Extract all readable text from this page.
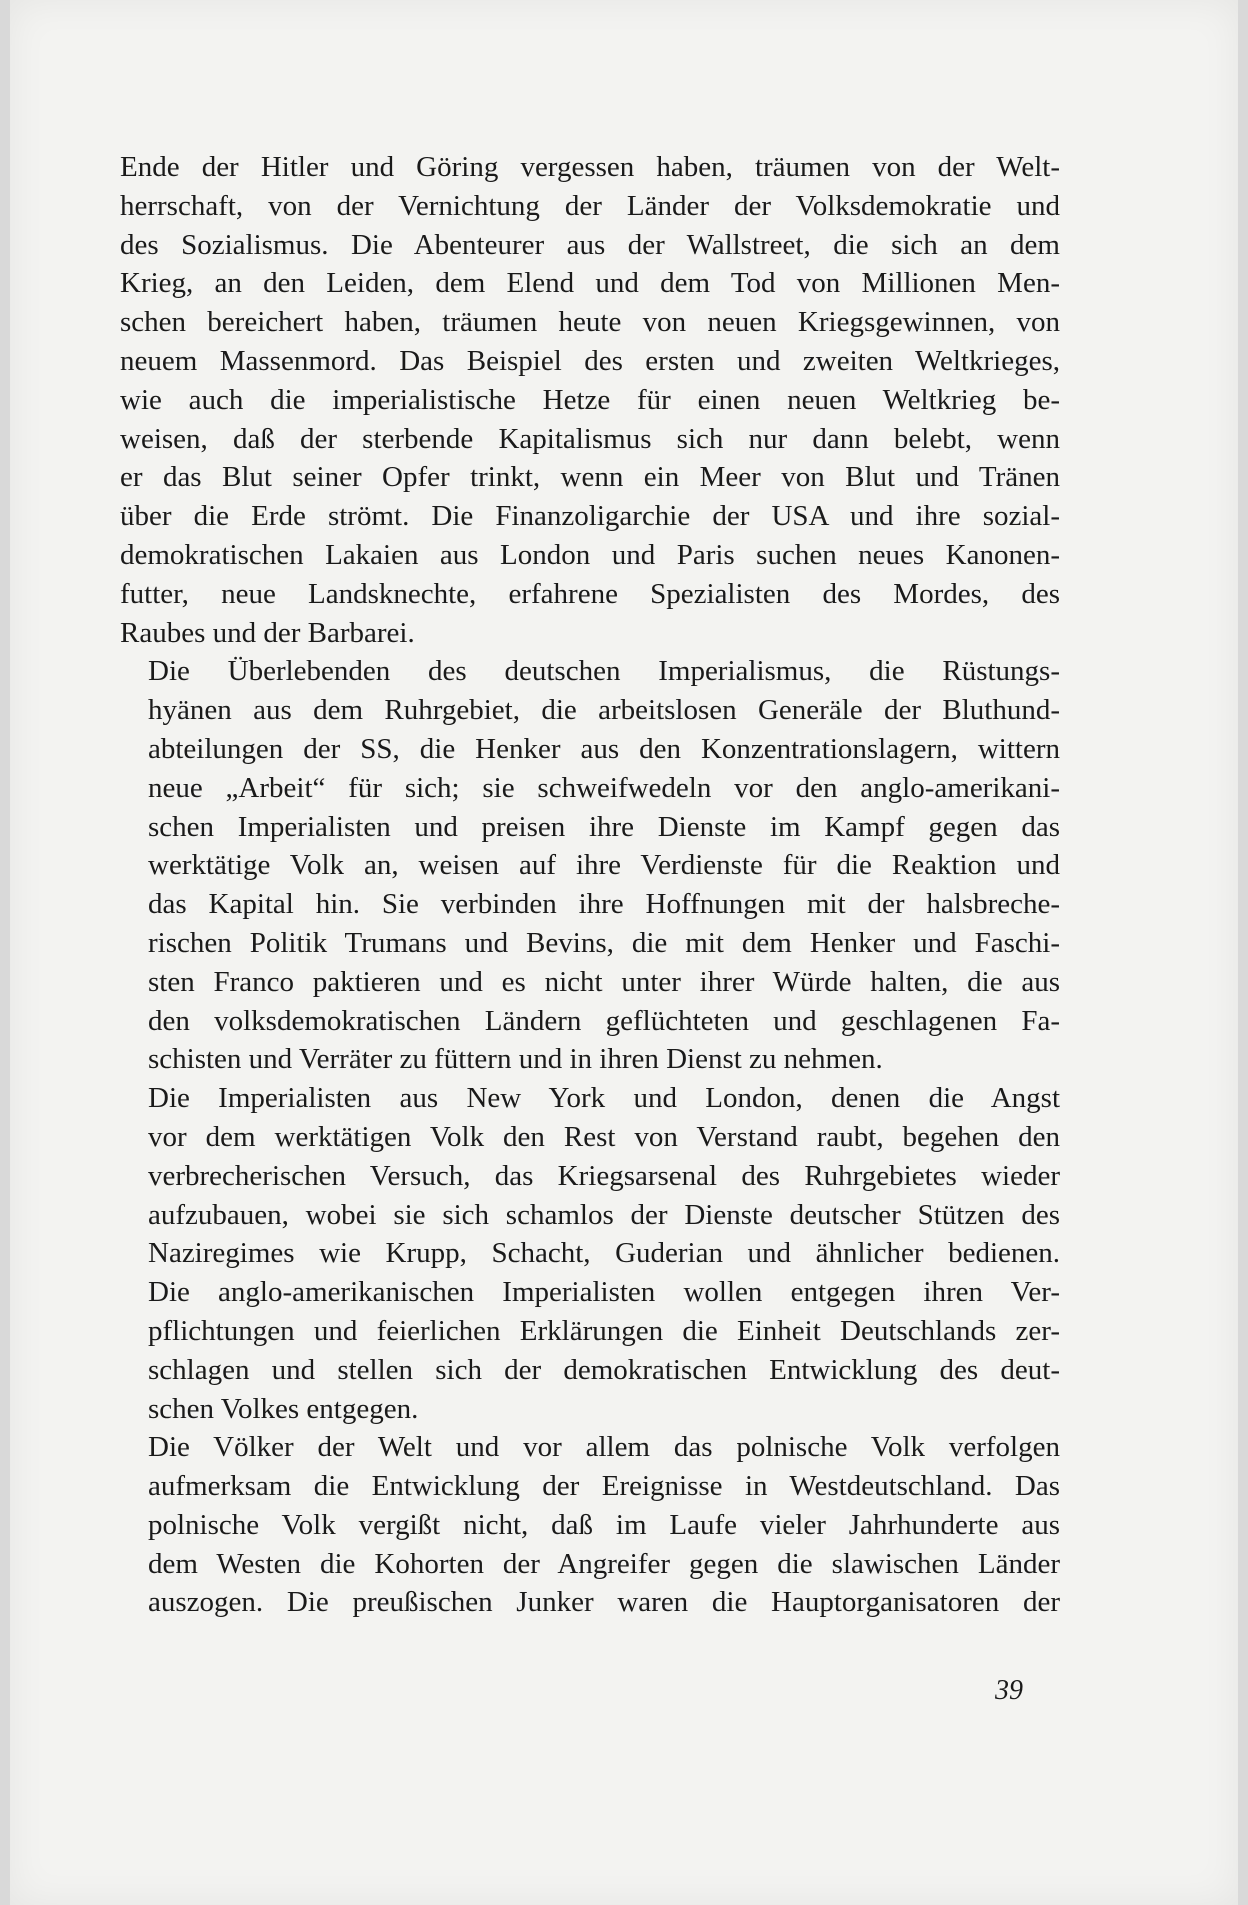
Ende der Hitler und Göring vergessen haben, träumen von der Welt-
herrschaft, von der Vernichtung der Länder der Volksdemokratie und
des Sozialismus. Die Abenteurer aus der Wallstreet, die sich an dem
Krieg, an den Leiden, dem Elend und dem Tod von Millionen Men-
schen bereichert haben, träumen heute von neuen Kriegsgewinnen, von
neuem Massenmord. Das Beispiel des ersten und zweiten Weltkrieges,
wie auch die imperialistische Hetze für einen neuen Weltkrieg be-
weisen, daß der sterbende Kapitalismus sich nur dann belebt, wenn
er das Blut seiner Opfer trinkt, wenn ein Meer von Blut und Tränen
über die Erde strömt. Die Finanzoligarchie der USA und ihre sozial-
demokratischen Lakaien aus London und Paris suchen neues Kanonen-
futter, neue Landsknechte, erfahrene Spezialisten des Mordes, des
Raubes und der Barbarei.

Die Überlebenden des deutschen Imperialismus, die Rüstungs-
hyänen aus dem Ruhrgebiet, die arbeitslosen Generäle der Bluthund-
abteilungen der SS, die Henker aus den Konzentrationslagern, wittern
neue „Arbeit“ für sich; sie schweifwedeln vor den anglo-amerikani-
schen Imperialisten und preisen ihre Dienste im Kampf gegen das
werktätige Volk an, weisen auf ihre Verdienste für die Reaktion und
das Kapital hin. Sie verbinden ihre Hoffnungen mit der halsbreche-
rischen Politik Trumans und Bevins, die mit dem Henker und Faschi-
sten Franco paktieren und es nicht unter ihrer Würde halten, die aus
den volksdemokratischen Ländern geflüchteten und geschlagenen Fa-
schisten und Verräter zu füttern und in ihren Dienst zu nehmen.

Die Imperialisten aus New York und London, denen die Angst
vor dem werktätigen Volk den Rest von Verstand raubt, begehen den
verbrecherischen Versuch, das Kriegsarsenal des Ruhrgebietes wieder
aufzubauen, wobei sie sich schamlos der Dienste deutscher Stützen des
Naziregimes wie Krupp, Schacht, Guderian und ähnlicher bedienen.
Die anglo-amerikanischen Imperialisten wollen entgegen ihren Ver-
pflichtungen und feierlichen Erklärungen die Einheit Deutschlands zer-
schlagen und stellen sich der demokratischen Entwicklung des deut-
schen Volkes entgegen.

Die Völker der Welt und vor allem das polnische Volk verfolgen
aufmerksam die Entwicklung der Ereignisse in Westdeutschland. Das
polnische Volk vergißt nicht, daß im Laufe vieler Jahrhunderte aus
dem Westen die Kohorten der Angreifer gegen die slawischen Länder
auszogen. Die preußischen Junker waren die Hauptorganisatoren der

39
